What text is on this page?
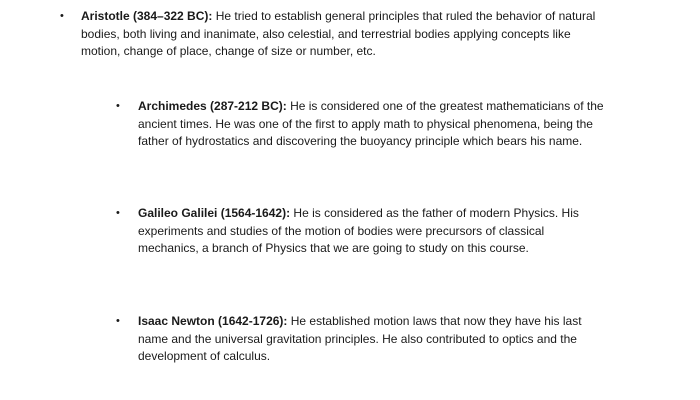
• Aristotle (384–322 BC): He tried to establish general principles that ruled the behavior of natural bodies, both living and inanimate, also celestial, and terrestrial bodies applying concepts like motion, change of place, change of size or number, etc.
• Archimedes (287-212 BC): He is considered one of the greatest mathematicians of the ancient times. He was one of the first to apply math to physical phenomena, being the father of hydrostatics and discovering the buoyancy principle which bears his name.
• Galileo Galilei (1564-1642): He is considered as the father of modern Physics. His experiments and studies of the motion of bodies were precursors of classical mechanics, a branch of Physics that we are going to study on this course.
• Isaac Newton (1642-1726): He established motion laws that now they have his last name and the universal gravitation principles. He also contributed to optics and the development of calculus.
